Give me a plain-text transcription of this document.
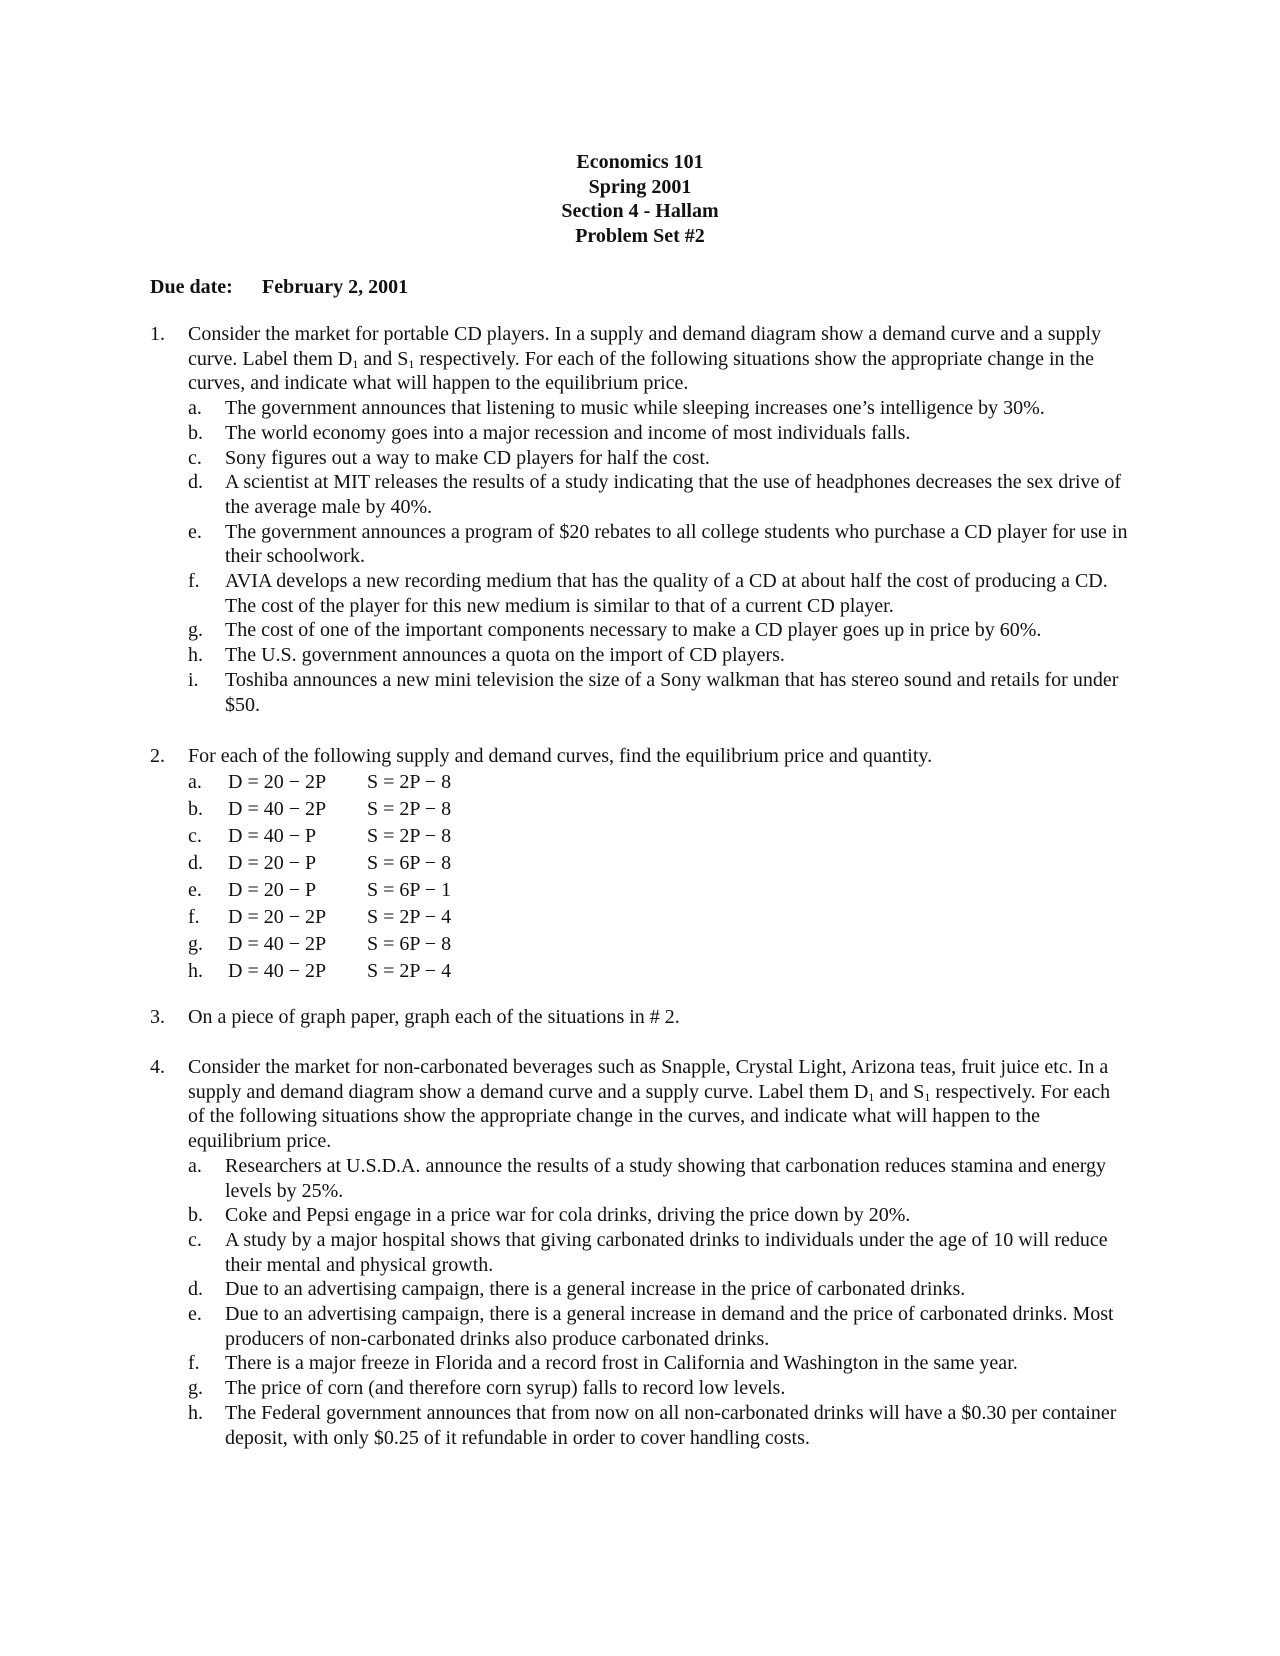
Economics 101
Spring 2001
Section 4 - Hallam
Problem Set #2
Due date: February 2, 2001
1.	Consider the market for portable CD players. In a supply and demand diagram show a demand curve and a supply curve. Label them $D_1$ and $S_1$ respectively. For each of the following situations show the appropriate change in the curves, and indicate what will happen to the equilibrium price.
a. The government announces that listening to music while sleeping increases one’s intelligence by 30%.
b. The world economy goes into a major recession and income of most individuals falls.
c. Sony figures out a way to make CD players for half the cost.
d. A scientist at MIT releases the results of a study indicating that the use of headphones decreases the sex drive of the average male by 40%.
e. The government announces a program of $20 rebates to all college students who purchase a CD player for use in their schoolwork.
f. AVIA develops a new recording medium that has the quality of a CD at about half the cost of producing a CD. The cost of the player for this new medium is similar to that of a current CD player.
g. The cost of one of the important components necessary to make a CD player goes up in price by 60%.
h. The U.S. government announces a quota on the import of CD players.
i. Toshiba announces a new mini television the size of a Sony walkman that has stereo sound and retails for under $50.
2.	For each of the following supply and demand curves, find the equilibrium price and quantity.
a. D = 20 − 2P S = 2P − 8
b. D = 40 − 2P S = 2P − 8
c. D = 40 − P	S = 2P − 8
d. D = 20 − P	S = 6P − 8
e. D = 20 − P	S = 6P − 1
f. D = 20 − 2P S = 2P − 4
g. D = 40 − 2P S = 6P − 8
h. D = 40 − 2P S = 2P − 4
3.	On a piece of graph paper, graph each of the situations in # 2.
4.	Consider the market for non-carbonated beverages such as Snapple, Crystal Light, Arizona teas, fruit juice etc. In a supply and demand diagram show a demand curve and a supply curve. Label them $D_1$ and $S_1$ respectively. For each of the following situations show the appropriate change in the curves, and indicate what will happen to the equilibrium price.
a. Researchers at U.S.D.A. announce the results of a study showing that carbonation reduces stamina and energy levels by 25%.
b. Coke and Pepsi engage in a price war for cola drinks, driving the price down by 20%.
c. A study by a major hospital shows that giving carbonated drinks to individuals under the age of 10 will reduce their mental and physical growth.
d. Due to an advertising campaign, there is a general increase in the price of carbonated drinks.
e. Due to an advertising campaign, there is a general increase in demand and the price of carbonated drinks. Most producers of non-carbonated drinks also produce carbonated drinks.
f. There is a major freeze in Florida and a record frost in California and Washington in the same year.
g. The price of corn (and therefore corn syrup) falls to record low levels.
h. The Federal government announces that from now on all non-carbonated drinks will have a $0.30 per container deposit, with only $0.25 of it refundable in order to cover handling costs.
